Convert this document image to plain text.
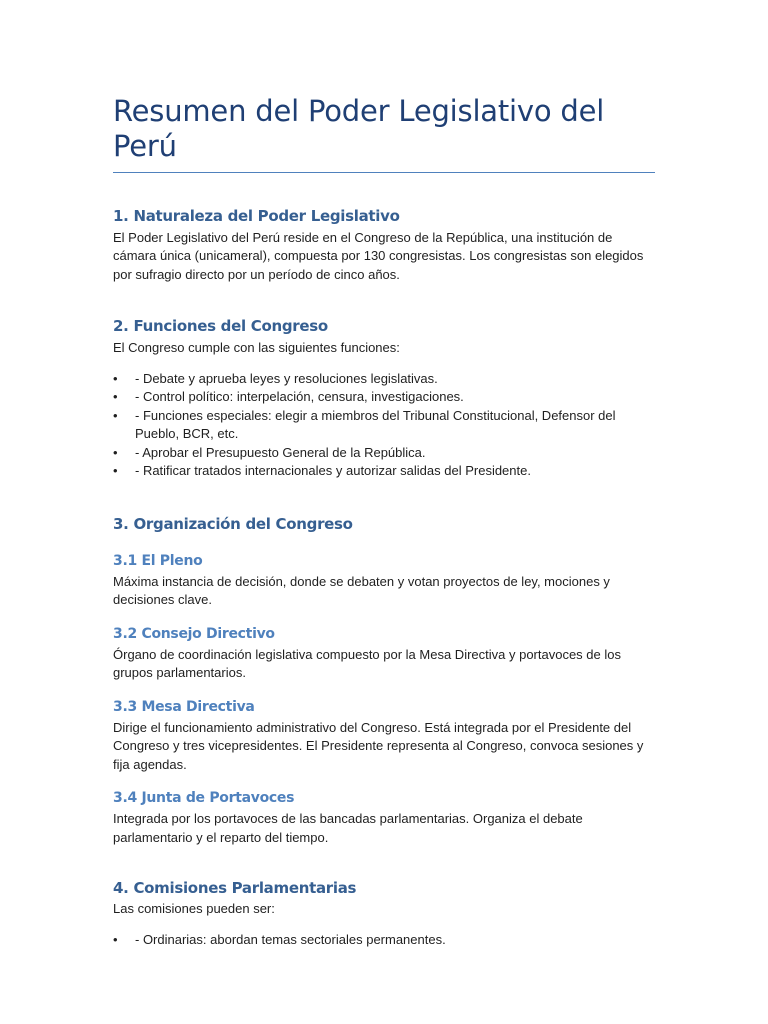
Resumen del Poder Legislativo del Perú
1. Naturaleza del Poder Legislativo

El Poder Legislativo del Perú reside en el Congreso de la República, una institución de cámara única (unicameral), compuesta por 130 congresistas. Los congresistas son elegidos por sufragio directo por un período de cinco años.

2. Funciones del Congreso

El Congreso cumple con las siguientes funciones:

• - Debate y aprueba leyes y resoluciones legislativas.
• - Control político: interpelación, censura, investigaciones.
• - Funciones especiales: elegir a miembros del Tribunal Constitucional, Defensor del Pueblo, BCR, etc.
• - Aprobar el Presupuesto General de la República.
• - Ratificar tratados internacionales y autorizar salidas del Presidente.
3. Organización del Congreso
3.1 El Pleno

Máxima instancia de decisión, donde se debaten y votan proyectos de ley, mociones y decisiones clave.

3.2 Consejo Directivo

Órgano de coordinación legislativa compuesto por la Mesa Directiva y portavoces de los grupos parlamentarios.

3.3 Mesa Directiva

Dirige el funcionamiento administrativo del Congreso. Está integrada por el Presidente del Congreso y tres vicepresidentes. El Presidente representa al Congreso, convoca sesiones y fija agendas.

3.4 Junta de Portavoces

Integrada por los portavoces de las bancadas parlamentarias. Organiza el debate parlamentario y el reparto del tiempo.

4. Comisiones Parlamentarias

Las comisiones pueden ser:

• - Ordinarias: abordan temas sectoriales permanentes.
